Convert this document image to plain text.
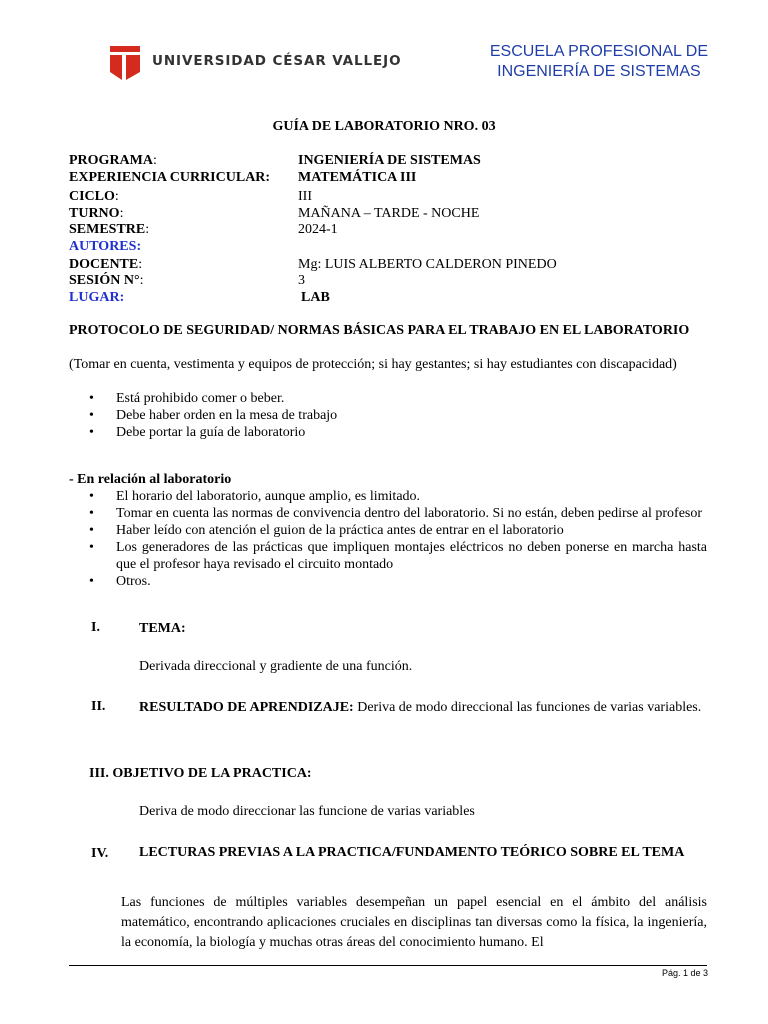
UNIVERSIDAD CÉSAR VALLEJO
ESCUELA PROFESIONAL DE
INGENIERÍA DE SISTEMAS
GUÍA DE LABORATORIO NRO. 03
PROGRAMA:	INGENIERÍA DE SISTEMAS
EXPERIENCIA CURRICULAR: MATEMÁTICA III
CICLO:	III
TURNO:	MAÑANA – TARDE - NOCHE
SEMESTRE:	2024-1
AUTORES:
DOCENTE:	Mg: LUIS ALBERTO CALDERON PINEDO
SESIÓN N°:	3
LUGAR:	LAB
PROTOCOLO DE SEGURIDAD/ NORMAS BÁSICAS PARA EL TRABAJO EN EL LABORATORIO
(Tomar en cuenta, vestimenta y equipos de protección; si hay gestantes; si hay estudiantes con discapacidad)
• Está prohibido comer o beber.
• Debe haber orden en la mesa de trabajo
• Debe portar la guía de laboratorio
- En relación al laboratorio
• El horario del laboratorio, aunque amplio, es limitado.
• Tomar en cuenta las normas de convivencia dentro del laboratorio. Si no están, deben pedirse al profesor
• Haber leído con atención el guion de la práctica antes de entrar en el laboratorio
• Los generadores de las prácticas que impliquen montajes eléctricos no deben ponerse en marcha hasta que el profesor haya revisado el circuito montado
• Otros.
I.	TEMA:
Derivada direccional y gradiente de una función.
II. RESULTADO DE APRENDIZAJE: Deriva de modo direccional las funciones de varias variables.
III. OBJETIVO DE LA PRACTICA:
Deriva de modo direccionar las funcione de varias variables
IV. LECTURAS PREVIAS A LA PRACTICA/FUNDAMENTO TEÓRICO SOBRE EL TEMA
Las funciones de múltiples variables desempeñan un papel esencial en el ámbito del análisis matemático, encontrando aplicaciones cruciales en disciplinas tan diversas como la física, la ingeniería, la economía, la biología y muchas otras áreas del conocimiento humano. El
Pág. 1 de 3
